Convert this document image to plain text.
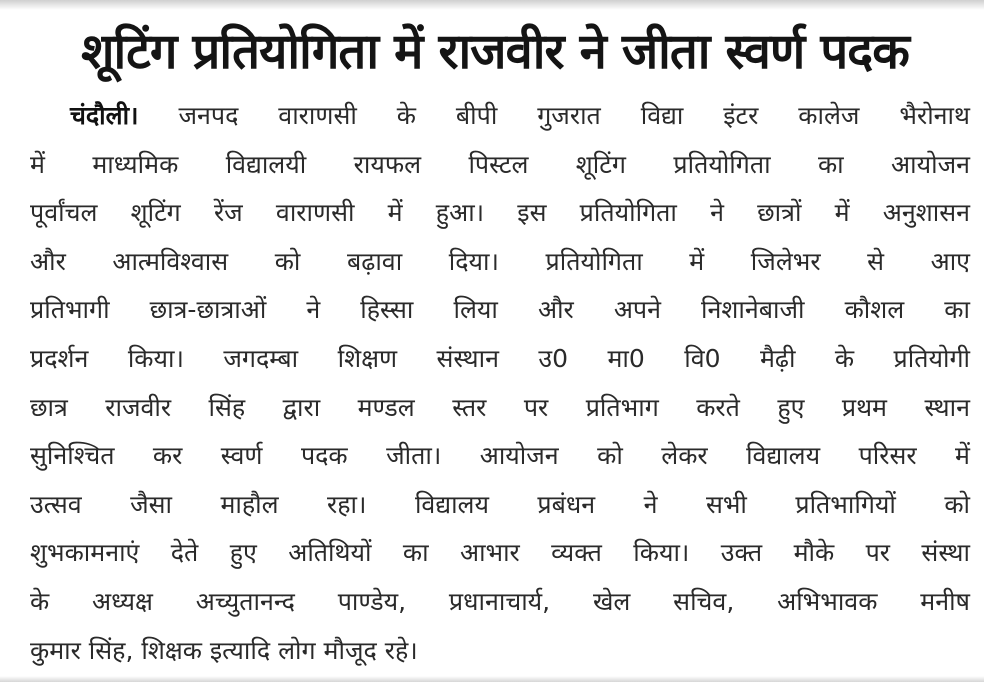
शूटिंग प्रतियोगिता में राजवीर ने जीता स्वर्ण पदक
चंदौली। जनपद वाराणसी के बीपी गुजरात विद्या इंटर कालेज भैरोनाथ
में माध्यमिक विद्यालयी रायफल पिस्टल शूटिंग प्रतियोगिता का आयोजन
पूर्वांचल शूटिंग रेंज वाराणसी में हुआ। इस प्रतियोगिता ने छात्रों में अनुशासन
और आत्मविश्वास को बढ़ावा दिया। प्रतियोगिता में जिलेभर से आए
प्रतिभागी छात्र-छात्राओं ने हिस्सा लिया और अपने निशानेबाजी कौशल का
प्रदर्शन किया। जगदम्बा शिक्षण संस्थान उ0 मा0 वि0 मैढ़ी के प्रतियोगी
छात्र राजवीर सिंह द्वारा मण्डल स्तर पर प्रतिभाग करते हुए प्रथम स्थान
सुनिश्चित कर स्वर्ण पदक जीता। आयोजन को लेकर विद्यालय परिसर में
उत्सव जैसा माहौल रहा। विद्यालय प्रबंधन ने सभी प्रतिभागियों को
शुभकामनाएं देते हुए अतिथियों का आभार व्यक्त किया। उक्त मौके पर संस्था
के अध्यक्ष अच्युतानन्द पाण्डेय, प्रधानाचार्य, खेल सचिव, अभिभावक मनीष
कुमार सिंह, शिक्षक इत्यादि लोग मौजूद रहे।
